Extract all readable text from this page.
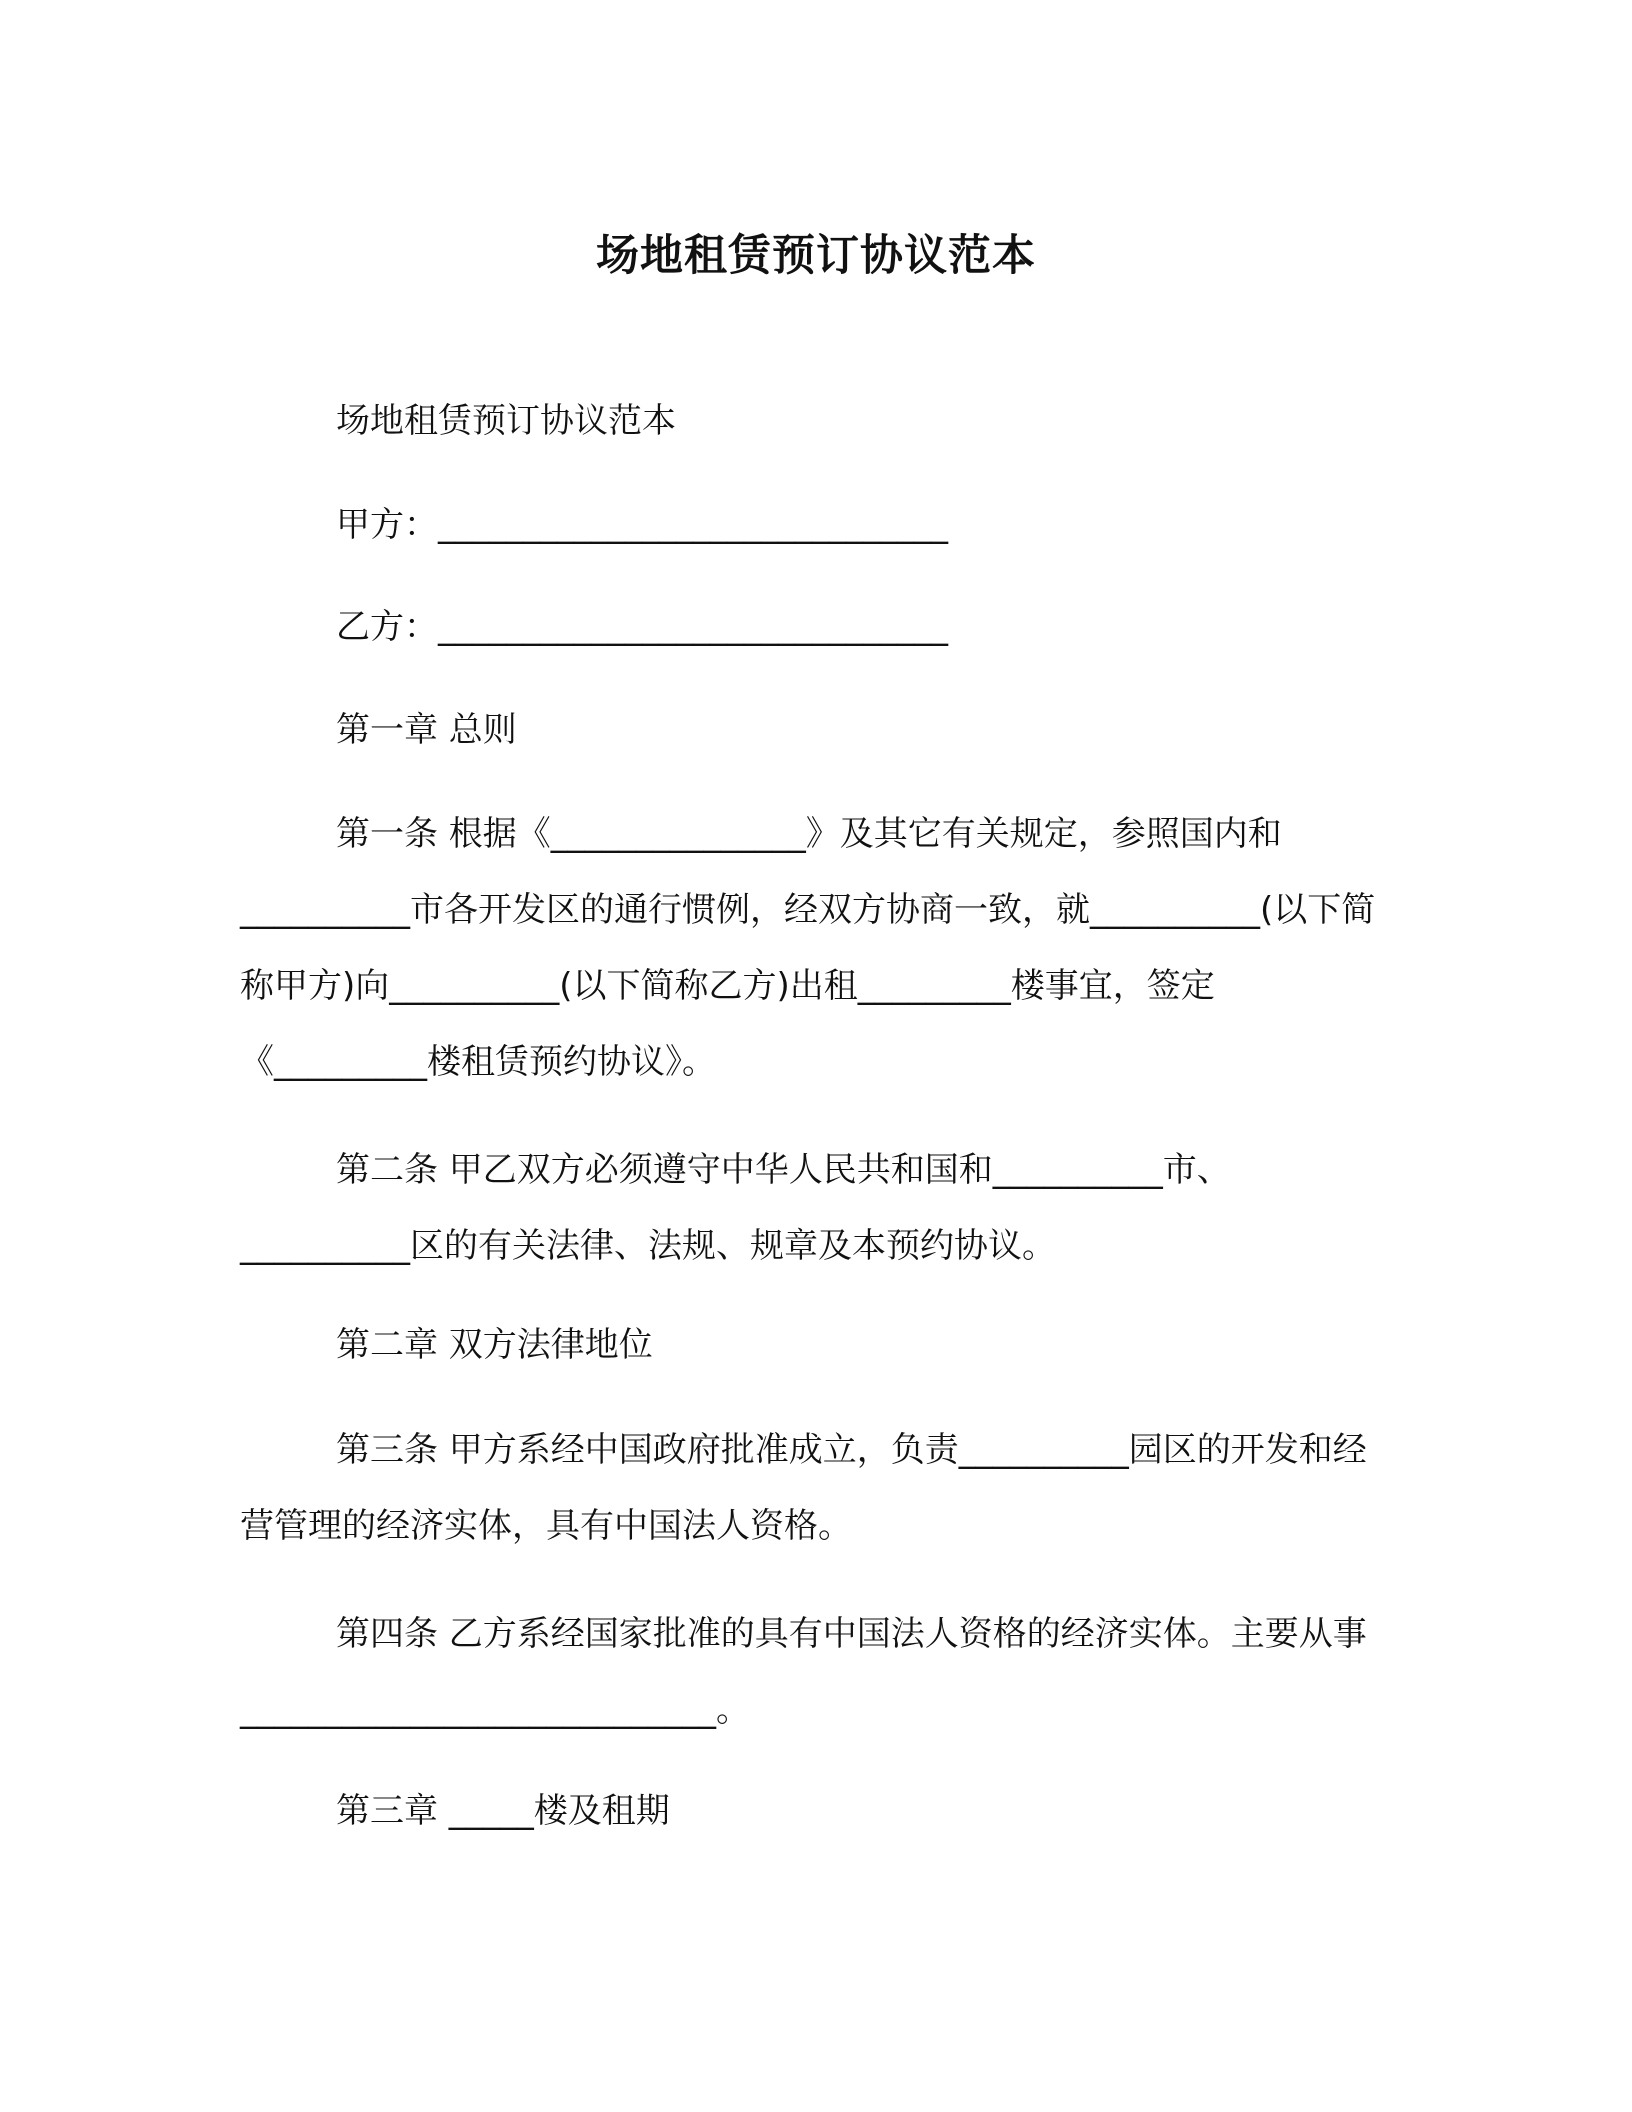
场地租赁预订协议范本

场地租赁预订协议范本

甲方：______________________________

乙方：______________________________

第一章 总则

第一条 根据《_______________》及其它有关规定，参照国内和__________市各开发区的通行惯例，经双方协商一致，就__________(以下简称甲方)向__________(以下简称乙方)出租_________楼事宜，签定《_________楼租赁预约协议》。

第二条 甲乙双方必须遵守中华人民共和国和__________市、__________区的有关法律、法规、规章及本预约协议。

第二章 双方法律地位

第三条 甲方系经中国政府批准成立，负责__________园区的开发和经营管理的经济实体，具有中国法人资格。

第四条 乙方系经国家批准的具有中国法人资格的经济实体。主要从事____________________________。

第三章 _____楼及租期
